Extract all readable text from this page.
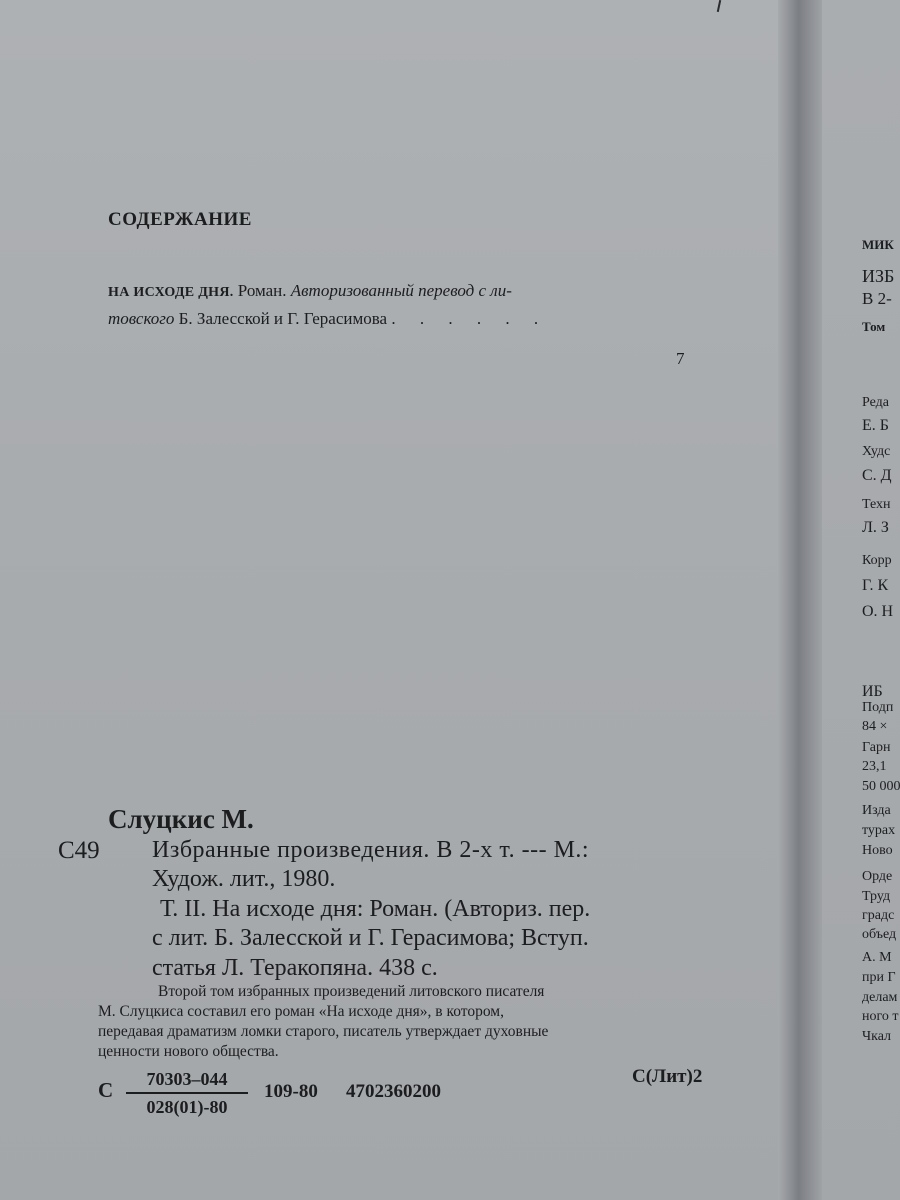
СОДЕРЖАНИЕ
НА ИСХОДЕ ДНЯ. Роман. Авторизованный перевод с ли-
товского Б. Залесской и Г. Герасимова . . . . . .
7
Слуцкис М.
С49 Избранные произведения. В 2-х т. --- М.:
Худож. лит., 1980.
Т. II. На исходе дня: Роман. (Авториз. пер.
с лит. Б. Залесской и Г. Герасимова; Вступ.
статья Л. Теракопяна. 438 с.
Второй том избранных произведений литовского писателя
М. Слуцкиса составил его роман «На исходе дня», в котором,
передавая драматизм ломки старого, писатель утверждает духовные
ценности нового общества.
С	70303–044
028(01)-80
109-80 4702360200
С(Лит)2
МИК
ИЗБ
В 2-
Том
Реда
Е. Б
Худс
С. Д
Техн
Л. З
Корр
Г. К
О. Н
ИБ
Подп
84 ×
Гарн
23,1
50 000
Изда
турах
Ново
Орде
Труд
градс
объед
А. М
при Г
делам
ного т
Чкал
